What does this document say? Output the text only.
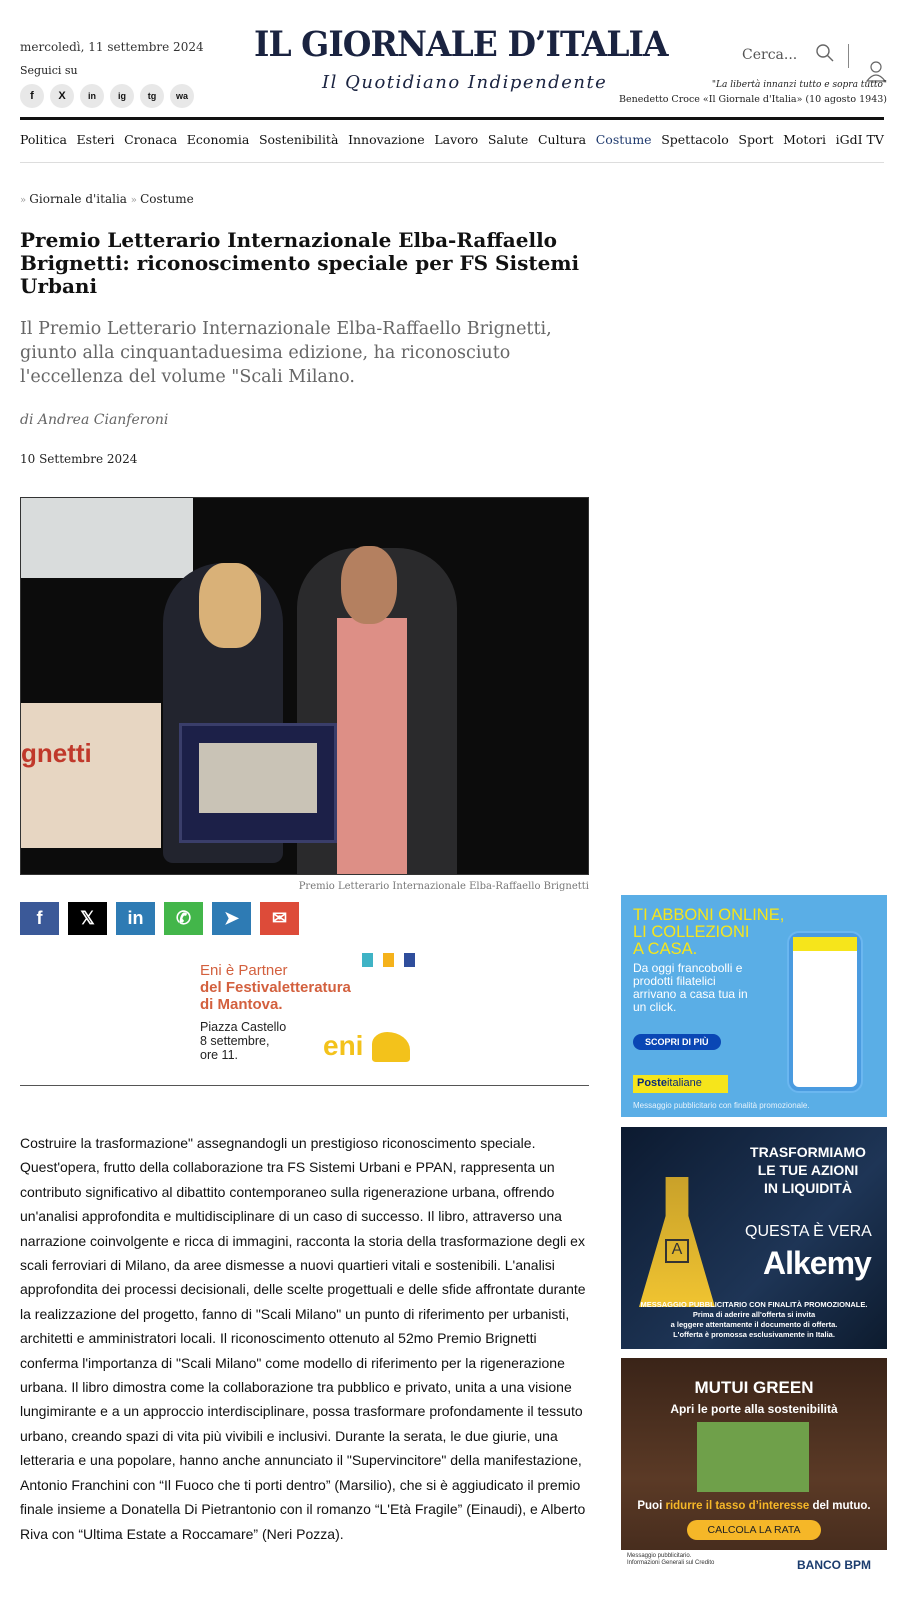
mercoledì, 11 settembre 2024
Seguici su
f	X	in	ig	tg	wa
IL GIORNALE D’ITALIA
Il Quotidiano Indipendente
Cerca...
"La libertà innanzi tutto e sopra tutto"
Benedetto Croce «Il Giornale d'Italia» (10 agosto 1943)
Politica Esteri Cronaca Economia Sostenibilità Innovazione Lavoro Salute Cultura Costume Spettacolo Sport Motori iGdI TV
» Giornale d'italia » Costume
Premio Letterario Internazionale Elba-Raffaello Brignetti: riconoscimento speciale per FS Sistemi Urbani
Il Premio Letterario Internazionale Elba-Raffaello Brignetti, giunto alla cinquantaduesima edizione, ha riconosciuto l'eccellenza del volume "Scali Milano.
di Andrea Cianferoni
10 Settembre 2024
gnetti
Premio Letterario Internazionale Elba-Raffaello Brignetti
f	𝕏	in	✆	➤	✉
Eni è Partner
del Festivaletteratura
di Mantova.
Piazza Castello
8 settembre,
ore 11.	eni
Costruire la trasformazione" assegnandogli un prestigioso riconoscimento speciale. Quest'opera, frutto della collaborazione tra FS Sistemi Urbani e PPAN, rappresenta un contributo significativo al dibattito contemporaneo sulla rigenerazione urbana, offrendo un'analisi approfondita e multidisciplinare di un caso di successo. Il libro, attraverso una narrazione coinvolgente e ricca di immagini, racconta la storia della trasformazione degli ex scali ferroviari di Milano, da aree dismesse a nuovi quartieri vitali e sostenibili. L'analisi approfondita dei processi decisionali, delle scelte progettuali e delle sfide affrontate durante la realizzazione del progetto, fanno di "Scali Milano" un punto di riferimento per urbanisti, architetti e amministratori locali. Il riconoscimento ottenuto al 52mo Premio Brignetti conferma l'importanza di "Scali Milano" come modello di riferimento per la rigenerazione urbana. Il libro dimostra come la collaborazione tra pubblico e privato, unita a una visione lungimirante e a un approccio interdisciplinare, possa trasformare profondamente il tessuto urbano, creando spazi di vita più vivibili e inclusivi. Durante la serata, le due giurie, una letteraria e una popolare, hanno anche annunciato il "Supervincitore" della manifestazione, Antonio Franchini con “Il Fuoco che ti porti dentro” (Marsilio), che si è aggiudicato il premio finale insieme a Donatella Di Pietrantonio con il romanzo “L'Età Fragile” (Einaudi), e Alberto Riva con “Ultima Estate a Roccamare” (Neri Pozza).
TI ABBONI ONLINE,
LI COLLEZIONI
A CASA.
Da oggi francobolli e prodotti filatelici arrivano a casa tua in un click.
SCOPRI DI PIÙ
Posteitaliane
Messaggio pubblicitario con finalità promozionale.
A
TRASFORMIAMO
LE TUE AZIONI
IN LIQUIDITÀ
QUESTA È VERA
Alkemy
MESSAGGIO PUBBLICITARIO CON FINALITÀ PROMOZIONALE.
Prima di aderire all'offerta si invita
a leggere attentamente il documento di offerta.
L'offerta è promossa esclusivamente in Italia.
MUTUI GREEN
Apri le porte alla sostenibilità
Puoi ridurre il tasso d’interesse del mutuo.
CALCOLA LA RATA
Messaggio pubblicitario.
Informazioni Generali sul Credito	BANCO BPM
